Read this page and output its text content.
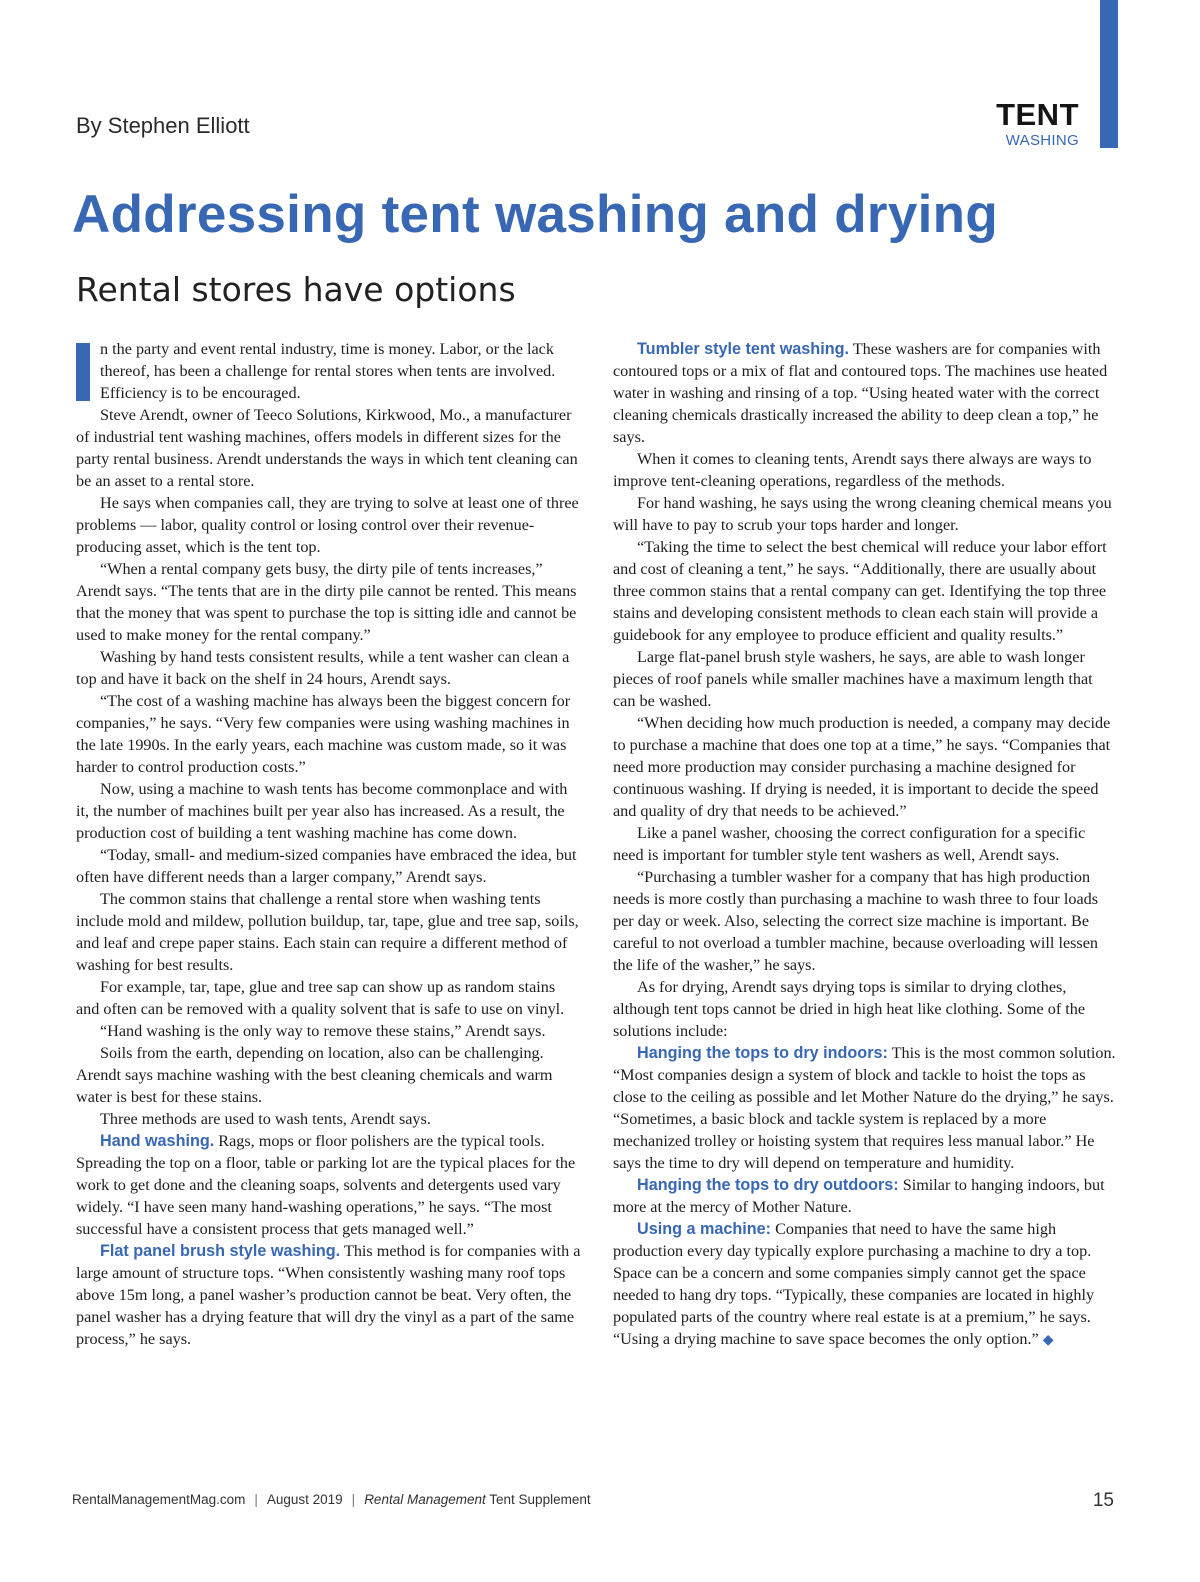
TENT
WASHING
By Stephen Elliott
Addressing tent washing and drying
Rental stores have options

n the party and event rental industry, time is money. Labor, or the lack thereof, has been a challenge for rental stores when tents are involved. Efficiency is to be encouraged.

Steve Arendt, owner of Teeco Solutions, Kirkwood, Mo., a manufacturer of industrial tent washing machines, offers models in different sizes for the party rental business. Arendt understands the ways in which tent cleaning can be an asset to a rental store.

He says when companies call, they are trying to solve at least one of three problems — labor, quality control or losing control over their revenue-producing asset, which is the tent top.

“When a rental company gets busy, the dirty pile of tents increases,” Arendt says. “The tents that are in the dirty pile cannot be rented. This means that the money that was spent to purchase the top is sitting idle and cannot be used to make money for the rental company.”

Washing by hand tests consistent results, while a tent washer can clean a top and have it back on the shelf in 24 hours, Arendt says.

“The cost of a washing machine has always been the biggest concern for companies,” he says. “Very few companies were using washing machines in the late 1990s. In the early years, each machine was custom made, so it was harder to control production costs.”

Now, using a machine to wash tents has become commonplace and with it, the number of machines built per year also has increased. As a result, the production cost of building a tent washing machine has come down.

“Today, small- and medium-sized companies have embraced the idea, but often have different needs than a larger company,” Arendt says.

The common stains that challenge a rental store when washing tents include mold and mildew, pollution buildup, tar, tape, glue and tree sap, soils, and leaf and crepe paper stains. Each stain can require a different method of washing for best results.

For example, tar, tape, glue and tree sap can show up as random stains and often can be removed with a quality solvent that is safe to use on vinyl.

“Hand washing is the only way to remove these stains,” Arendt says.

Soils from the earth, depending on location, also can be challenging. Arendt says machine washing with the best cleaning chemicals and warm water is best for these stains.

Three methods are used to wash tents, Arendt says.

Hand washing. Rags, mops or floor polishers are the typical tools. Spreading the top on a floor, table or parking lot are the typical places for the work to get done and the cleaning soaps, solvents and detergents used vary widely. “I have seen many hand-washing operations,” he says. “The most successful have a consistent process that gets managed well.”

Flat panel brush style washing. This method is for companies with a large amount of structure tops. “When consistently washing many roof tops above 15m long, a panel washer’s production cannot be beat. Very often, the panel washer has a drying feature that will dry the vinyl as a part of the same process,” he says.

Tumbler style tent washing. These washers are for companies with contoured tops or a mix of flat and contoured tops. The machines use heated water in washing and rinsing of a top. “Using heated water with the correct cleaning chemicals drastically increased the ability to deep clean a top,” he says.

When it comes to cleaning tents, Arendt says there always are ways to improve tent-cleaning operations, regardless of the methods.

For hand washing, he says using the wrong cleaning chemical means you will have to pay to scrub your tops harder and longer.

“Taking the time to select the best chemical will reduce your labor effort and cost of cleaning a tent,” he says. “Additionally, there are usually about three common stains that a rental company can get. Identifying the top three stains and developing consistent methods to clean each stain will provide a guidebook for any employee to produce efficient and quality results.”

Large flat-panel brush style washers, he says, are able to wash longer pieces of roof panels while smaller machines have a maximum length that can be washed.

“When deciding how much production is needed, a company may decide to purchase a machine that does one top at a time,” he says. “Companies that need more production may consider purchasing a machine designed for continuous washing. If drying is needed, it is important to decide the speed and quality of dry that needs to be achieved.”

Like a panel washer, choosing the correct configuration for a specific need is important for tumbler style tent washers as well, Arendt says.

“Purchasing a tumbler washer for a company that has high production needs is more costly than purchasing a machine to wash three to four loads per day or week. Also, selecting the correct size machine is important. Be careful to not overload a tumbler machine, because overloading will lessen the life of the washer,” he says.

As for drying, Arendt says drying tops is similar to drying clothes, although tent tops cannot be dried in high heat like clothing. Some of the solutions include:

Hanging the tops to dry indoors: This is the most common solution. “Most companies design a system of block and tackle to hoist the tops as close to the ceiling as possible and let Mother Nature do the drying,” he says. “Sometimes, a basic block and tackle system is replaced by a more mechanized trolley or hoisting system that requires less manual labor.” He says the time to dry will depend on temperature and humidity.

Hanging the tops to dry outdoors: Similar to hanging indoors, but more at the mercy of Mother Nature.

Using a machine: Companies that need to have the same high production every day typically explore purchasing a machine to dry a top. Space can be a concern and some companies simply cannot get the space needed to hang dry tops. “Typically, these companies are located in highly populated parts of the country where real estate is at a premium,” he says. “Using a drying machine to save space becomes the only option.” ◆

RentalManagementMag.com | August 2019 | Rental Management Tent Supplement	15
